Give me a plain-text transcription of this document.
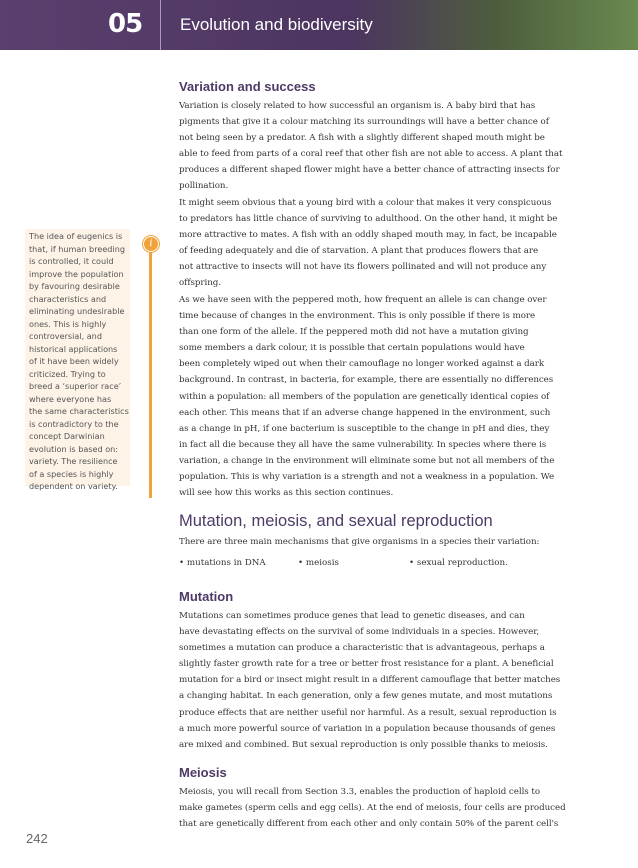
05 Evolution and biodiversity
The idea of eugenics is
that, if human breeding
is controlled, it could
improve the population
by favouring desirable
characteristics and
eliminating undesirable
ones. This is highly
controversial, and
historical applications
of it have been widely
criticized. Trying to
breed a ‘superior race’
where everyone has
the same characteristics
is contradictory to the
concept Darwinian
evolution is based on:
variety. The resilience
of a species is highly
dependent on variety.
i
Variation and success

Variation is closely related to how successful an organism is. A baby bird that has
pigments that give it a colour matching its surroundings will have a better chance of
not being seen by a predator. A fish with a slightly different shaped mouth might be
able to feed from parts of a coral reef that other fish are not able to access. A plant that
produces a different shaped flower might have a better chance of attracting insects for
pollination.

It might seem obvious that a young bird with a colour that makes it very conspicuous
to predators has little chance of surviving to adulthood. On the other hand, it might be
more attractive to mates. A fish with an oddly shaped mouth may, in fact, be incapable
of feeding adequately and die of starvation. A plant that produces flowers that are
not attractive to insects will not have its flowers pollinated and will not produce any
offspring.

As we have seen with the peppered moth, how frequent an allele is can change over
time because of changes in the environment. This is only possible if there is more
than one form of the allele. If the peppered moth did not have a mutation giving
some members a dark colour, it is possible that certain populations would have
been completely wiped out when their camouflage no longer worked against a dark
background. In contrast, in bacteria, for example, there are essentially no differences
within a population: all members of the population are genetically identical copies of
each other. This means that if an adverse change happened in the environment, such
as a change in pH, if one bacterium is susceptible to the change in pH and dies, they
in fact all die because they all have the same vulnerability. In species where there is
variation, a change in the environment will eliminate some but not all members of the
population. This is why variation is a strength and not a weakness in a population. We
will see how this works as this section continues.

Mutation, meiosis, and sexual reproduction

There are three main mechanisms that give organisms in a species their variation:

• mutations in DNA	• meiosis	• sexual reproduction.
Mutation

Mutations can sometimes produce genes that lead to genetic diseases, and can
have devastating effects on the survival of some individuals in a species. However,
sometimes a mutation can produce a characteristic that is advantageous, perhaps a
slightly faster growth rate for a tree or better frost resistance for a plant. A beneficial
mutation for a bird or insect might result in a different camouflage that better matches
a changing habitat. In each generation, only a few genes mutate, and most mutations
produce effects that are neither useful nor harmful. As a result, sexual reproduction is
a much more powerful source of variation in a population because thousands of genes
are mixed and combined. But sexual reproduction is only possible thanks to meiosis.

Meiosis

Meiosis, you will recall from Section 3.3, enables the production of haploid cells to
make gametes (sperm cells and egg cells). At the end of meiosis, four cells are produced
that are genetically different from each other and only contain 50% of the parent cell's

242
